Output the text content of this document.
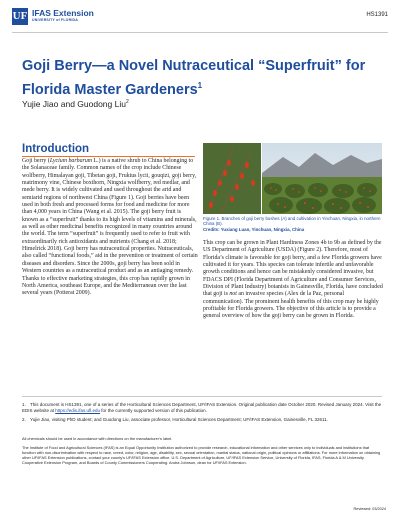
UF IFAS Extension
UNIVERSITY of FLORIDA
HS1391
Goji Berry—a Novel Nutraceutical “Superfruit” for Florida Master Gardeners$^1$
Yujie Jiao and Guodong Liu$^2$
Introduction
Goji berry (Lycium barbarum L.) is a native shrub to China belonging to the Solanaceae family. Common names of the crop include Chinese wolfberry, Himalayan goji, Tibetan goji, Fruktus lycii, gouqizi, goji berry, matrimony vine, Chinese boxthorn, Ningxia wolfberry, red medlar, and mede berry. It is widely cultivated and used throughout the arid and semiarid regions of northwest China (Figure 1). Goji berries have been used in both fresh and processed forms for food and medicine for more than 4,000 years in China (Wang et al. 2015). The goji berry fruit is known as a “superfruit” thanks to its high levels of vitamins and minerals, as well as other medicinal benefits recognized in many countries around the world. The term “superfruit” is frequently used to refer to fruit with extraordinarily rich antioxidants and nutrients (Chang et al. 2018; Himelrick 2018). Goji berry has nutraceutical properties. Nutraceuticals, also called “functional foods,” aid in the prevention or treatment of certain diseases and disorders. Since the 2000s, goji berry has been sold in Western countries as a nutraceutical product and as an antiaging remedy. Thanks to effective marketing strategies, this crop has rapidly grown in North America, southeast Europe, and the Mediterranean over the last several years (Potterat 2009).
Figure 1. Branches of goji berry bushes (A) and cultivation in Yinchuan, Ningxia, in northern China (B).
Credits: Yuxiang Luan, Yinchuan, Ningxia, China
This crop can be grown in Plant Hardiness Zones 4b to 9b as defined by the US Department of Agriculture (USDA) (Figure 2). Therefore, most of Florida’s climate is favorable for goji berry, and a few Florida growers have cultivated it for years. This species can tolerate infertile and unfavorable growth conditions and hence can be mistakenly considered invasive, but FDACS DPI (Florida Department of Agriculture and Consumer Services, Division of Plant Industry) botanists in Gainesville, Florida, have concluded that goji is not an invasive species (Alex de la Paz, personal communication). The prominent health benefits of this crop may be highly profitable for Florida growers. The objective of this article is to provide a general overview of how the goji berry can be grown in Florida.

1. This document is HS1391, one of a series of the Horticultural Sciences Department, UF/IFAS Extension. Original publication date October 2020. Revised January 2024. Visit the EDIS website at https://edis.ifas.ufl.edu for the currently supported version of this publication.

2. Yujie Jiao, visiting PhD student; and Guodong Liu, associate professor, Horticultural Sciences Department; UF/IFAS Extension, Gainesville, FL 32611.

All chemicals should be used in accordance with directions on the manufacturer’s label.

The Institute of Food and Agricultural Sciences (IFAS) is an Equal Opportunity Institution authorized to provide research, educational information and other services only to individuals and institutions that function with non-discrimination with respect to race, creed, color, religion, age, disability, sex, sexual orientation, marital status, national origin, political opinions or affiliations. For more information on obtaining other UF/IFAS Extension publications, contact your county’s UF/IFAS Extension office. U.S. Department of Agriculture, UF/IFAS Extension Service, University of Florida, IFAS, Florida A & M University Cooperative Extension Program, and Boards of County Commissioners Cooperating. Andra Johnson, dean for UF/IFAS Extension.

Reviewed: 03/2024
